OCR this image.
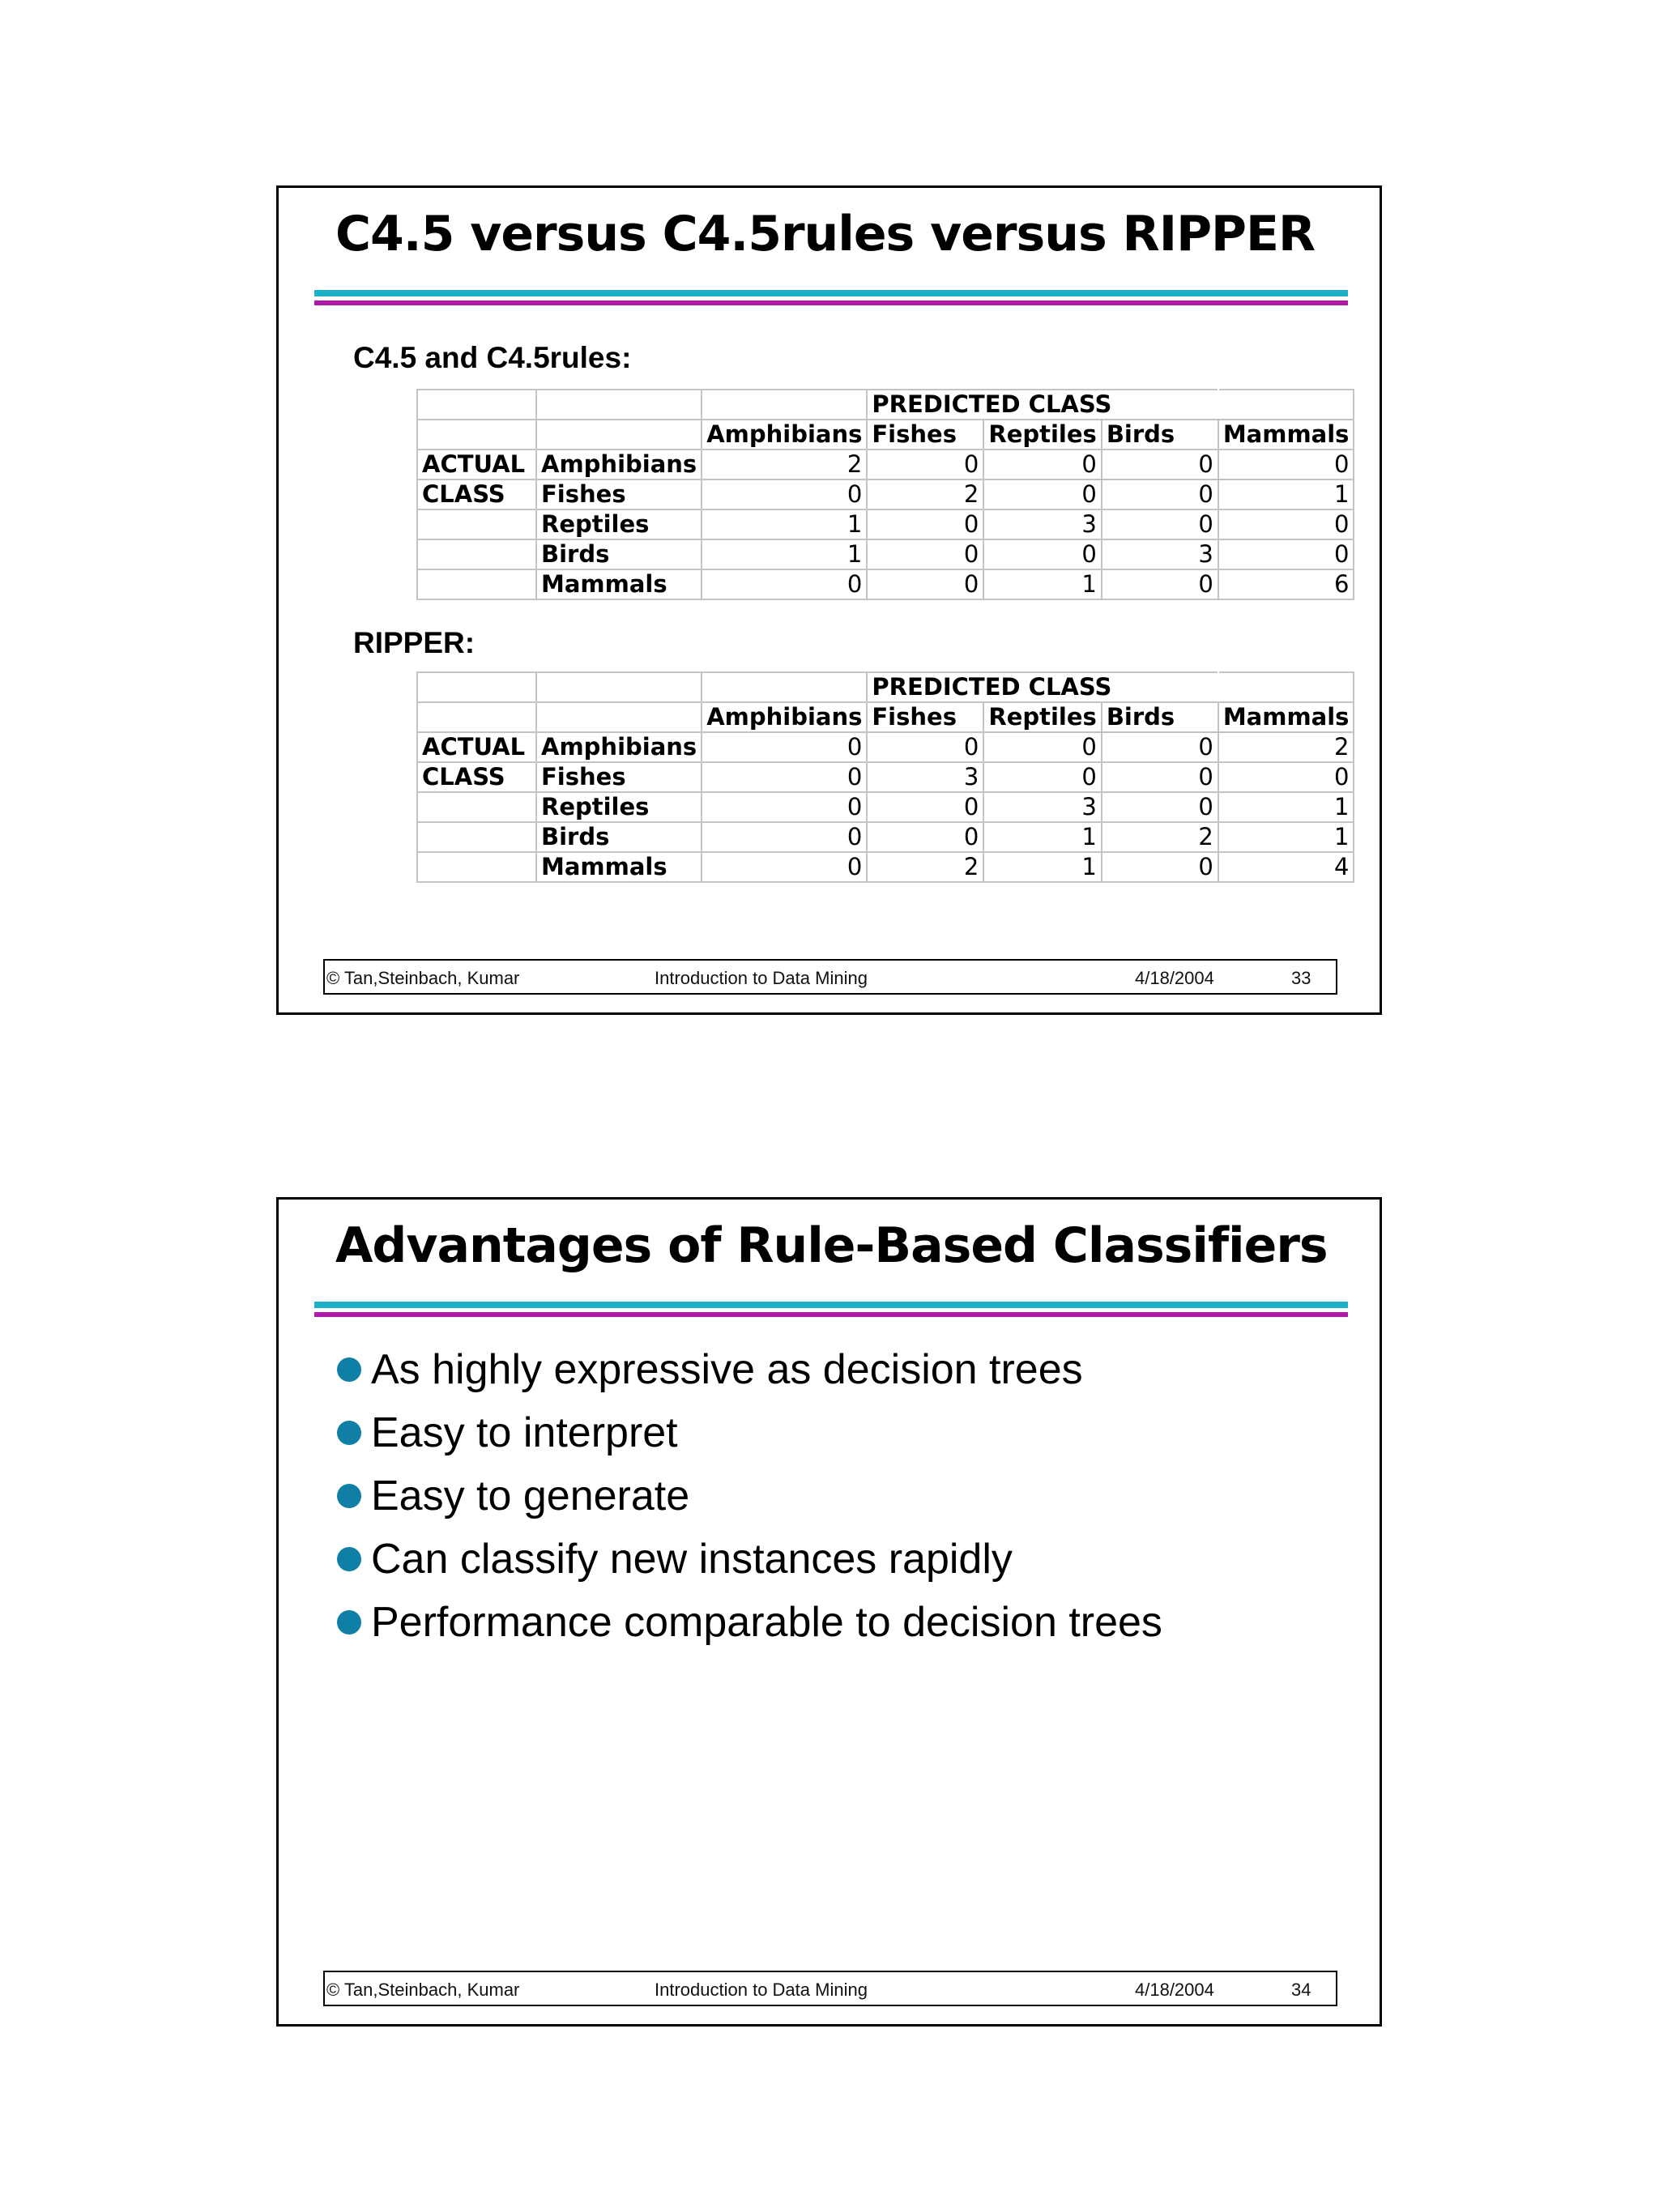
C4.5 versus C4.5rules versus RIPPER

C4.5 and C4.5rules:

			PREDICTED CLASS			
		Amphibians	Fishes	Reptiles	Birds	Mammals
ACTUAL	Amphibians	2	0	0	0	0
CLASS	Fishes	0	2	0	0	1
	Reptiles	1	0	3	0	0
	Birds	1	0	0	3	0
	Mammals	0	0	1	0	6

RIPPER:

			PREDICTED CLASS			
		Amphibians	Fishes	Reptiles	Birds	Mammals
ACTUAL	Amphibians	0	0	0	0	2
CLASS	Fishes	0	3	0	0	0
	Reptiles	0	0	3	0	1
	Birds	0	0	1	2	1
	Mammals	0	2	1	0	4
© Tan,Steinbach, Kumar	Introduction to Data Mining	4/18/2004	33
Advantages of Rule-Based Classifiers
As highly expressive as decision trees
Easy to interpret
Easy to generate
Can classify new instances rapidly
Performance comparable to decision trees
© Tan,Steinbach, Kumar	Introduction to Data Mining	4/18/2004	34
